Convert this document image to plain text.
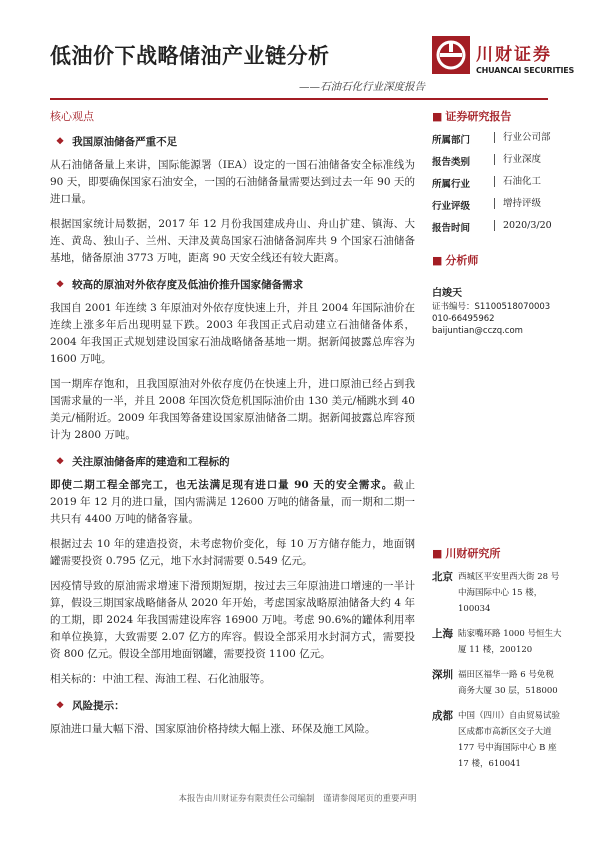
低油价下战略储油产业链分析
——石油石化行业深度报告
川财证券
CHUANCAI SECURITIES
核心观点
❖ 我国原油储备严重不足
从石油储备量上来讲，国际能源署（IEA）设定的一国石油储备安全标准线为 90 天，即要确保国家石油安全，一国的石油储备量需要达到过去一年 90 天的进口量。
根据国家统计局数据，2017 年 12 月份我国建成舟山、舟山扩建、镇海、大连、黄岛、独山子、兰州、天津及黄岛国家石油储备洞库共 9 个国家石油储备基地，储备原油 3773 万吨，距离 90 天安全线还有较大距离。
❖ 较高的原油对外依存度及低油价推升国家储备需求
我国自 2001 年连续 3 年原油对外依存度快速上升，并且 2004 年国际油价在连续上涨多年后出现明显下跌。2003 年我国正式启动建立石油储备体系，2004 年我国正式规划建设国家石油战略储备基地一期。据新闻披露总库容为 1600 万吨。
国一期库存饱和，且我国原油对外依存度仍在快速上升，进口原油已经占到我国需求量的一半，并且 2008 年国次贷危机国际油价由 130 美元/桶跳水到 40 美元/桶附近。2009 年我国筹备建设国家原油储备二期。据新闻披露总库容预计为 2800 万吨。
❖ 关注原油储备库的建造和工程标的
即使二期工程全部完工，也无法满足现有进口量 90 天的安全需求。截止 2019 年 12 月的进口量，国内需满足 12600 万吨的储备量，而一期和二期一共只有 4400 万吨的储备容量。
根据过去 10 年的建造投资，未考虑物价变化，每 10 万方储存能力，地面钢罐需要投资 0.795 亿元，地下水封洞需要 0.549 亿元。
因疫情导致的原油需求增速下滑预期短期，按过去三年原油进口增速的一半计算，假设三期国家战略储备从 2020 年开始，考虑国家战略原油储备大约 4 年的工期，即 2024 年我国需建设库容 16900 万吨。考虑 90.6%的罐体利用率和单位换算，大致需要 2.07 亿方的库容。假设全部采用水封洞方式，需要投资 800 亿元。假设全部用地面钢罐，需要投资 1100 亿元。
相关标的：中油工程、海油工程、石化油服等。
❖ 风险提示：
原油进口量大幅下滑、国家原油价格持续大幅上涨、环保及施工风险。
■ 证券研究报告
所属部门	行业公司部
报告类别	行业深度
所属行业	石油化工
行业评级	增持评级
报告时间	2020/3/20
■ 分析师
白竣天
证书编号：S1100518070003
010-66495962
baijuntian@cczq.com
■ 川财研究所
北京 西城区平安里西大街 28 号中海国际中心 15 楼，100034
上海 陆家嘴环路 1000 号恒生大厦 11 楼，200120
深圳 福田区福华一路 6 号免税商务大厦 30 层，518000
成都 中国（四川）自由贸易试验区成都市高新区交子大道 177 号中海国际中心 B 座 17 楼，610041
本报告由川财证券有限责任公司编制　谨请参阅尾页的重要声明
